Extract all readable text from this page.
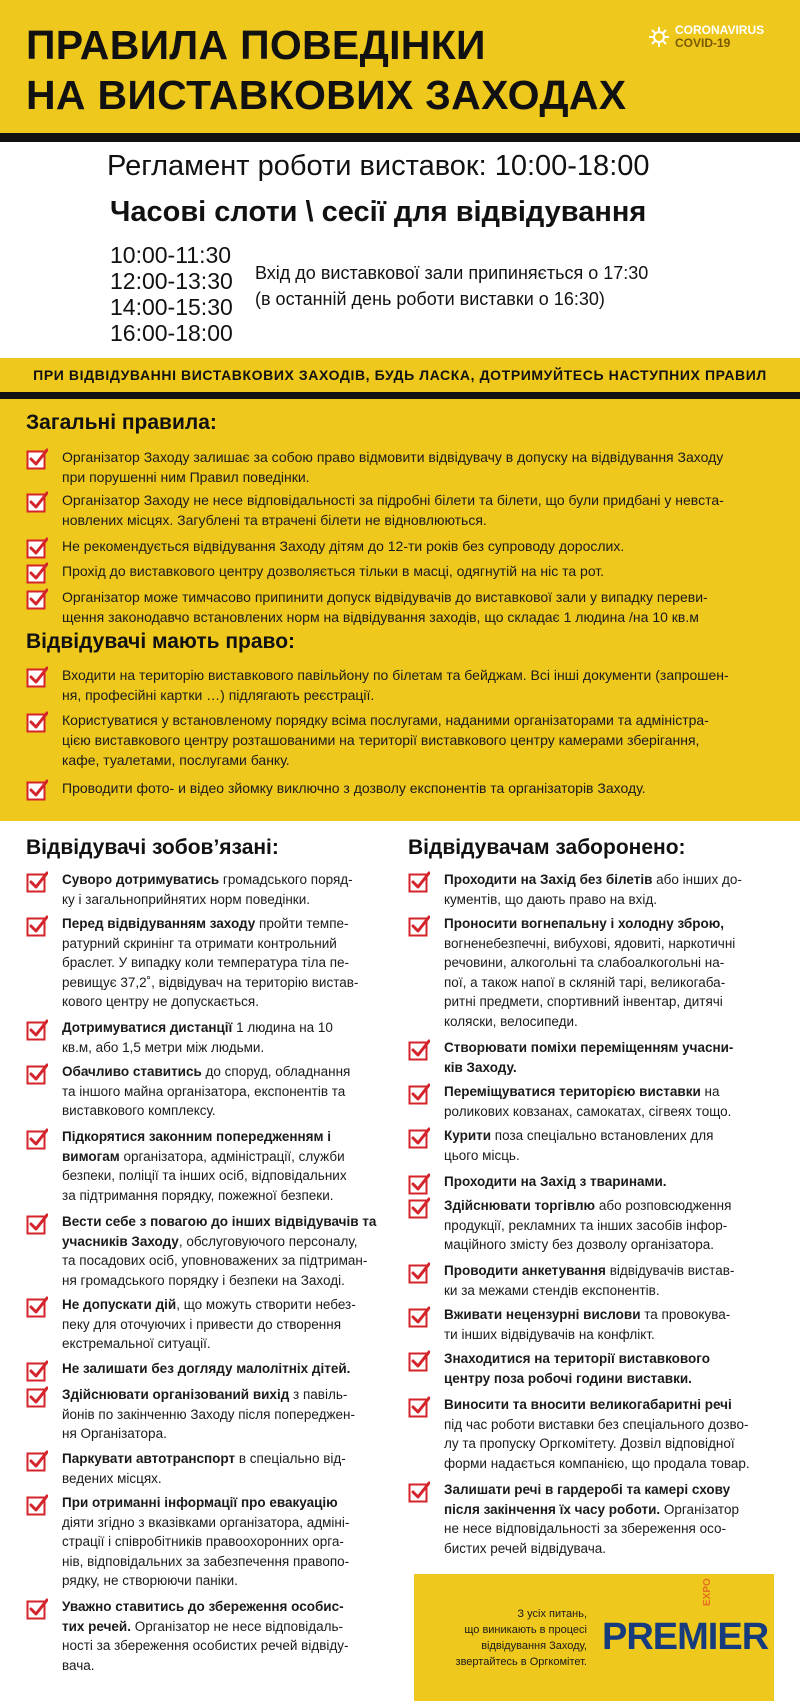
ПРАВИЛА ПОВЕДІНКИ
НА ВИСТАВКОВИХ ЗАХОДАХ
CORONAVIRUS
COVID-19
Регламент роботи виставок: 10:00-18:00
Часові слоти \ сесії для відвідування
10:00-11:30
12:00-13:30
14:00-15:30
16:00-18:00
Вхід до виставкової зали припиняється о 17:30
(в останній день роботи виставки о 16:30)
ПРИ ВІДВІДУВАННІ ВИСТАВКОВИХ ЗАХОДІВ, БУДЬ ЛАСКА, ДОТРИМУЙТЕСЬ НАСТУПНИХ ПРАВИЛ
З усіх питань,
що виникають в процесі
відвідування Заходу,
звертайтесь в Оргкомітет.
PREMIER
EXPO
Загальні правила:
Організатор Заходу залишає за собою право відмовити відвідувачу в допуску на відвідування Заходу
при порушенні ним Правил поведінки.
Організатор Заходу не несе відповідальності за підробні білети та білети, що були придбані у невста-
новлених місцях. Загублені та втрачені білети не відновлюються.
Не рекомендується відвідування Заходу дітям до 12-ти років без супроводу дорослих.
Прохід до виставкового центру дозволяється тільки в масці, одягнутій на ніс та рот.
Організатор може тимчасово припинити допуск відвідувачів до виставкової зали у випадку переви-
щення законодавчо встановлених норм на відвідування заходів, що складає 1 людина /на 10 кв.м
Відвідувачі мають право:
Входити на територію виставкового павільйону по білетам та бейджам. Всі інші документи (запрошен-
ня, професійні картки …) підлягають реєстрації.
Користуватися у встановленому порядку всіма послугами, наданими організаторами та адміністра-
цією виставкового центру розташованими на території виставкового центру камерами зберігання,
кафе, туалетами, послугами банку.
Проводити фото- и відео зйомку виключно з дозволу експонентів та організаторів Заходу.
Відвідувачі зобов’язані:	Відвідувачам заборонено:
Суворо дотримуватись громадського поряд-
ку і загальноприйнятих норм поведінки.
Перед відвідуванням заходу пройти темпе-
ратурний скринінг та отримати контрольний
браслет. У випадку коли температура тіла пе-
ревищує 37,2˚, відвідувач на територію вистав-
кового центру не допускається.
Дотримуватися дистанції 1 людина на 10
кв.м, або 1,5 метри між людьми.
Обачливо ставитись до споруд, обладнання
та іншого майна організатора, експонентів та
виставкового комплексу.
Підкорятися законним попередженням і
вимогам організатора, адміністрації, служби
безпеки, поліції та інших осіб, відповідальних
за підтримання порядку, пожежної безпеки.
Вести себе з повагою до інших відвідувачів та
учасників Заходу, обслуговуючого персоналу,
та посадових осіб, уповноважених за підтриман-
ня громадського порядку і безпеки на Заході.
Не допускати дій, що можуть створити небез-
пеку для оточуючих і привести до створення
екстремальної ситуації.
Не залишати без догляду малолітніх дітей.
Здійснювати організований вихід з павіль-
йонів по закінченню Заходу після попереджен-
ня Організатора.
Паркувати автотранспорт в спеціально від-
ведених місцях.
При отриманні інформації про евакуацію
діяти згідно з вказівками організатора, адміні-
страції і співробітників правоохоронних орга-
нів, відповідальних за забезпечення правопо-
рядку, не створюючи паніки.
Уважно ставитись до збереження особис-
тих речей. Організатор не несе відповідаль-
ності за збереження особистих речей відвіду-
вача.
Проходити на Захід без білетів або інших до-
кументів, що дають право на вхід.
Проносити вогнепальну і холодну зброю,
вогненебезпечні, вибухові, ядовиті, наркотичні
речовини, алкогольні та слабоалкогольні на-
пої, а також напої в скляній тарі, великогаба-
ритні предмети, спортивний інвентар, дитячі
коляски, велосипеди.
Створювати поміхи переміщенням учасни-
ків Заходу.
Переміщуватися територією виставки на
роликових ковзанах, самокатах, сігвеях тощо.
Курити поза спеціально встановлених для
цього місць.
Проходити на Захід з тваринами.
Здійснювати торгівлю або розповсюдження
продукції, рекламних та інших засобів інфор-
маційного змісту без дозволу організатора.
Проводити анкетування відвідувачів вистав-
ки за межами стендів експонентів.
Вживати нецензурні вислови та провокува-
ти інших відвідувачів на конфлікт.
Знаходитися на території виставкового
центру поза робочі години виставки.
Виносити та вносити великогабаритні речі
під час роботи виставки без спеціального дозво-
лу та пропуску Оргкомітету. Дозвіл відповідної
форми надається компанією, що продала товар.
Залишати речі в гардеробі та камері схову
після закінчення їх часу роботи. Організатор
не несе відповідальності за збереження осо-
бистих речей відвідувача.
